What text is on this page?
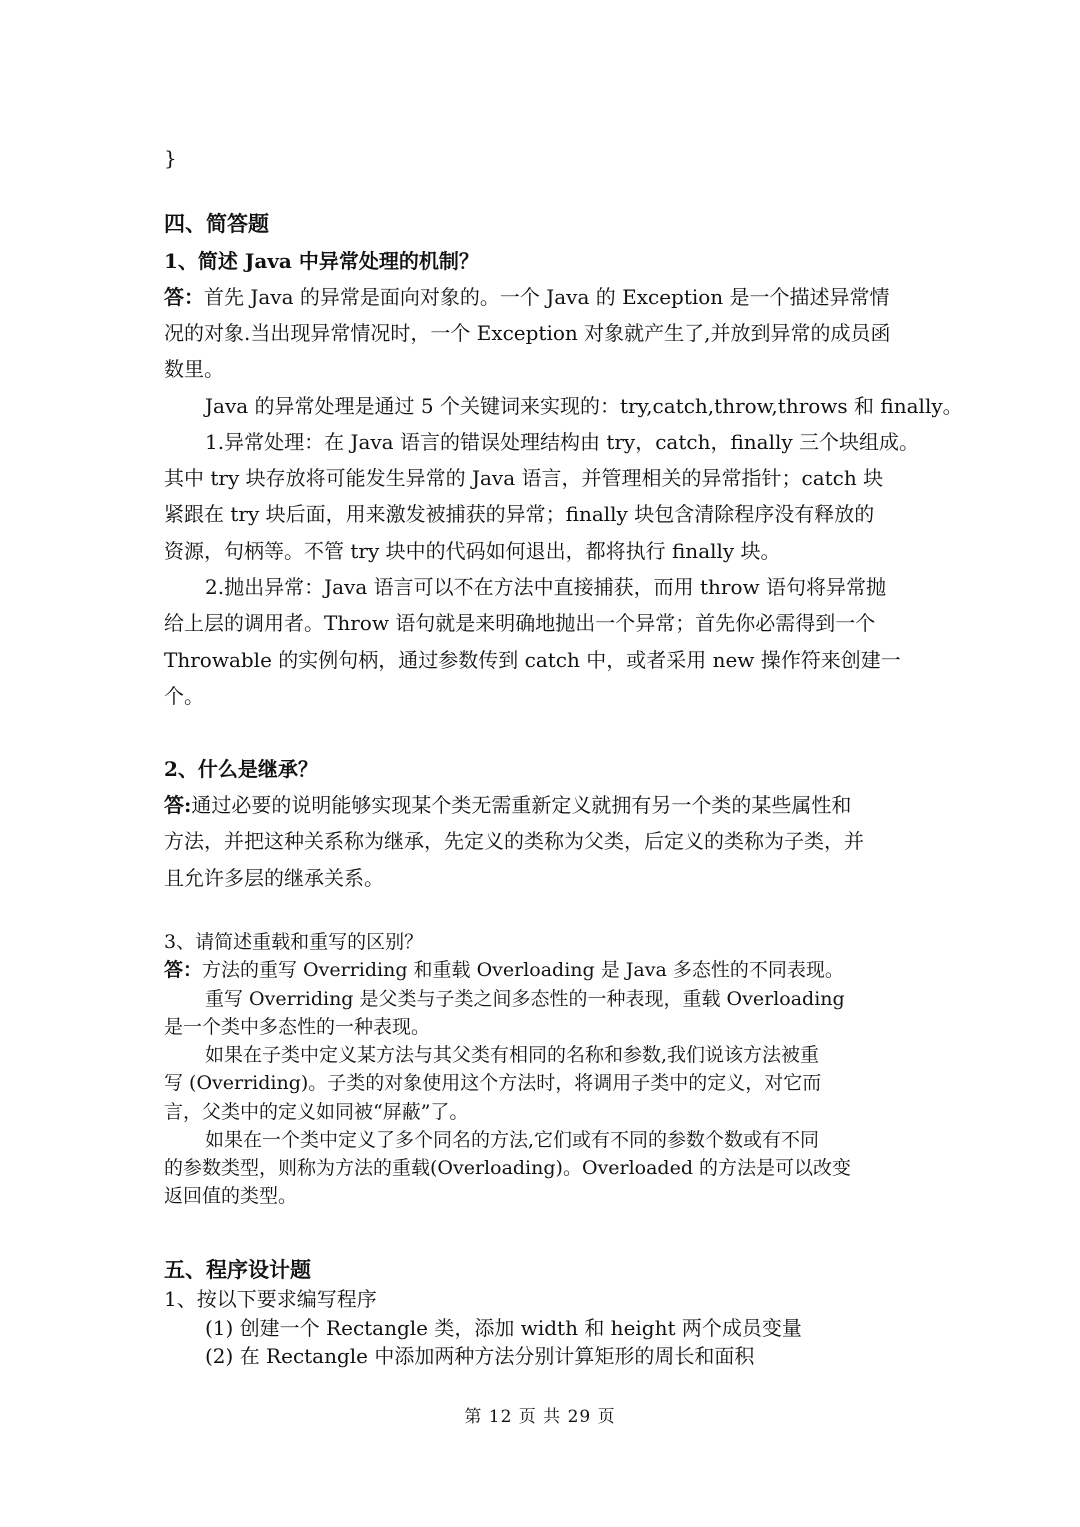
}
四、简答题
1、简述 Java 中异常处理的机制？
答：首先 Java 的异常是面向对象的。一个 Java 的 Exception 是一个描述异常情
况的对象.当出现异常情况时，一个 Exception 对象就产生了,并放到异常的成员函
数里。
Java 的异常处理是通过 5 个关键词来实现的：try,catch,throw,throws 和 finally。
1.异常处理：在 Java 语言的错误处理结构由 try，catch，finally 三个块组成。
其中 try 块存放将可能发生异常的 Java 语言，并管理相关的异常指针；catch 块
紧跟在 try 块后面，用来激发被捕获的异常；finally 块包含清除程序没有释放的
资源，句柄等。不管 try 块中的代码如何退出，都将执行 finally 块。
2.抛出异常：Java 语言可以不在方法中直接捕获，而用 throw 语句将异常抛
给上层的调用者。Throw 语句就是来明确地抛出一个异常；首先你必需得到一个
Throwable 的实例句柄，通过参数传到 catch 中，或者采用 new 操作符来创建一
个。
2、什么是继承？
答:通过必要的说明能够实现某个类无需重新定义就拥有另一个类的某些属性和
方法，并把这种关系称为继承，先定义的类称为父类，后定义的类称为子类，并
且允许多层的继承关系。
3、请简述重载和重写的区别？
答：方法的重写 Overriding 和重载 Overloading 是 Java 多态性的不同表现。
重写 Overriding 是父类与子类之间多态性的一种表现，重载 Overloading
是一个类中多态性的一种表现。
如果在子类中定义某方法与其父类有相同的名称和参数,我们说该方法被重
写 (Overriding)。子类的对象使用这个方法时，将调用子类中的定义，对它而
言，父类中的定义如同被“屏蔽”了。
如果在一个类中定义了多个同名的方法,它们或有不同的参数个数或有不同
的参数类型，则称为方法的重载(Overloading)。Overloaded 的方法是可以改变
返回值的类型。
五、程序设计题
1、按以下要求编写程序
(1) 创建一个 Rectangle 类，添加 width 和 height 两个成员变量
(2) 在 Rectangle 中添加两种方法分别计算矩形的周长和面积
第 12 页 共 29 页
